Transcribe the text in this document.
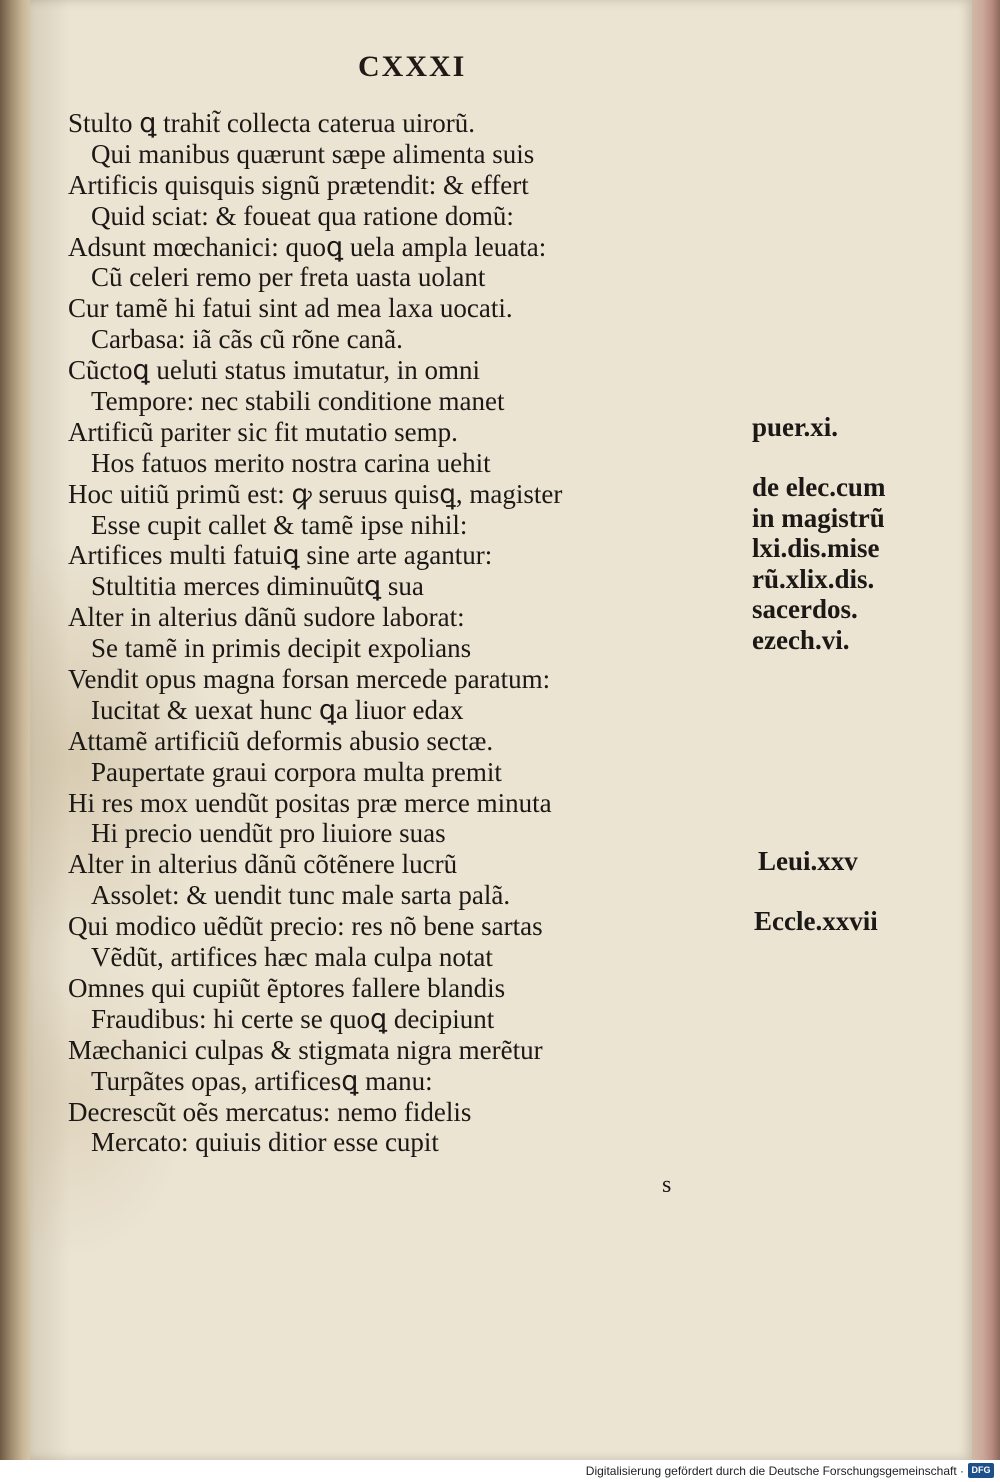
CXXXI
Stulto ꝗ trahit̃ collecta caterua uirorũ.
Qui manibus quærunt sæpe alimenta suis
Artificis quisquis signũ prætendit: & effert
Quid sciat: & foueat qua ratione domũ:
Adsunt mœchanici: quoꝗ uela ampla leuata:
Cũ celeri remo per freta uasta uolant
Cur tamẽ hi fatui sint ad mea laxa uocati.
Carbasa: iã cãs cũ rõne canã.
Cũctoꝗ ueluti status imutatur, in omni
Tempore: nec stabili conditione manet
Artificũ pariter sic fit mutatio semp.
Hos fatuos merito nostra carina uehit
Hoc uitiũ primũ est: ꝙ seruus quisꝗ, magister
Esse cupit callet & tamẽ ipse nihil:
Artifices multi fatuiꝗ sine arte agantur:
Stultitia merces diminuũtꝗ sua
Alter in alterius dãnũ sudore laborat:
Se tamẽ in primis decipit expolians
Vendit opus magna forsan mercede paratum:
Iucitat & uexat hunc ꝗa liuor edax
Attamẽ artificiũ deformis abusio sectæ.
Paupertate graui corpora multa premit
Hi res mox uendũt positas præ merce minuta
Hi precio uendũt pro liuiore suas
Alter in alterius dãnũ cõtẽnere lucrũ
Assolet: & uendit tunc male sarta palã.
Qui modico uẽdũt precio: res nõ bene sartas
Vẽdũt, artifices hæc mala culpa notat
Omnes qui cupiũt ẽptores fallere blandis
Fraudibus: hi certe se quoꝗ decipiunt
Mæchanici culpas & stigmata nigra merẽtur
Turpãtes opas, artificesꝗ manu:
Decrescũt oẽs mercatus: nemo fidelis
Mercato: quiuis ditior esse cupit
puer.xi.
de elec.cum
in magistrũ
lxi.dis.mise
rũ.xlix.dis.
sacerdos.
ezech.vi.
Leui.xxv
Eccle.xxvii
s
Digitalisierung gefördert durch die Deutsche Forschungsgemeinschaft · DFG
